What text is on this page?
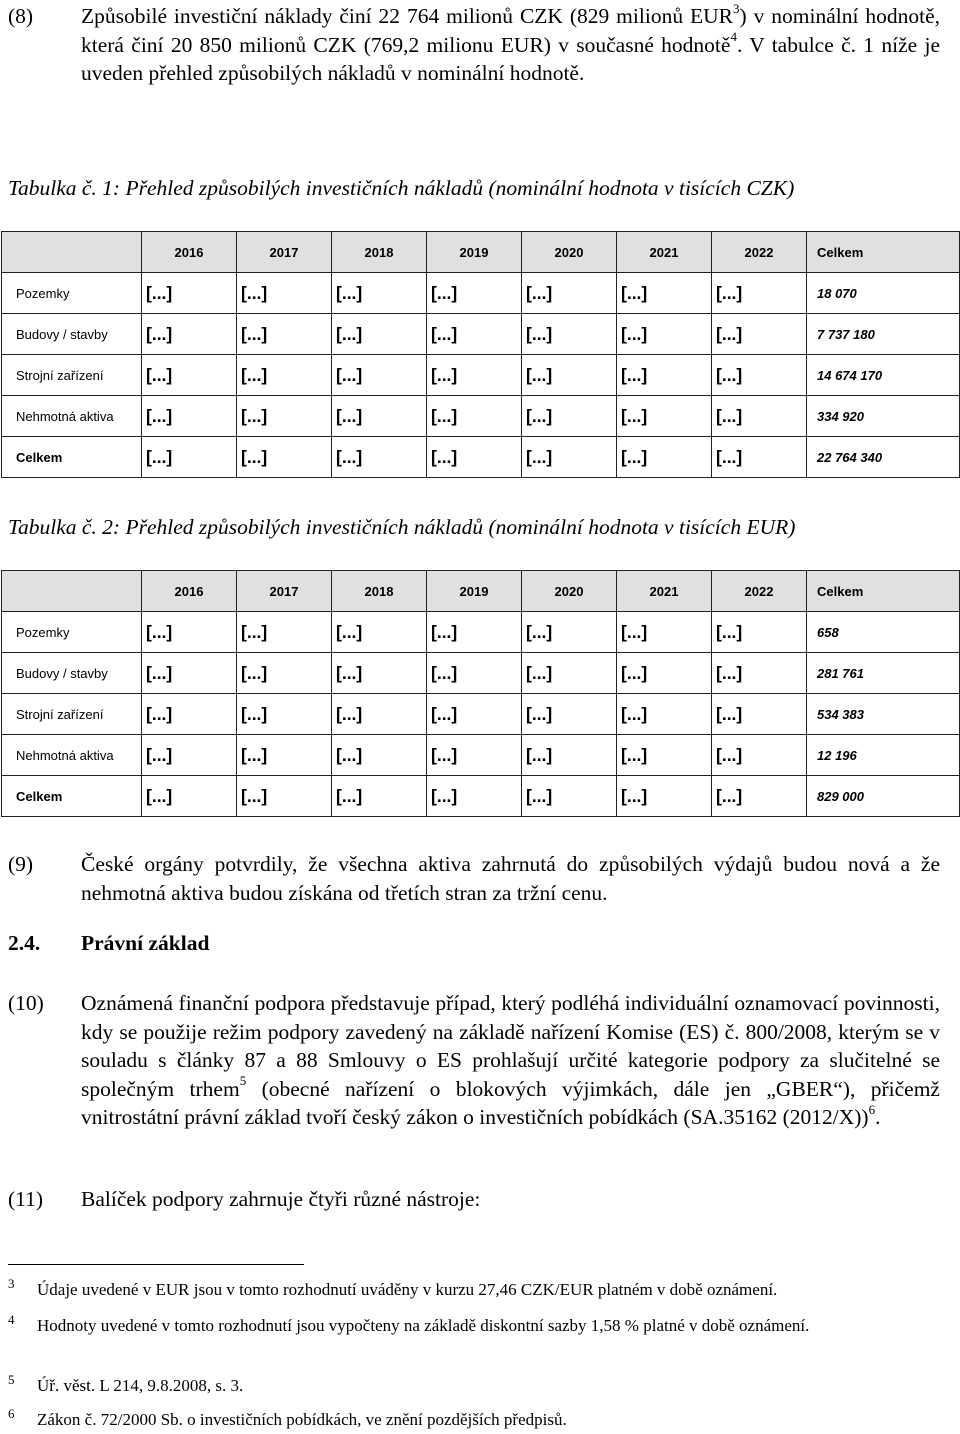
(8) Způsobilé investiční náklady činí 22 764 milionů CZK (829 milionů EUR$^3$) v nominální hodnotě, která činí 20 850 milionů CZK (769,2 milionu EUR) v současné hodnotě$^4$. V tabulce č. 1 níže je uveden přehled způsobilých nákladů v nominální hodnotě.
Tabulka č. 1: Přehled způsobilých investičních nákladů (nominální hodnota v tisících CZK)
	2016	2017	2018	2019	2020	2021	2022	Celkem
Pozemky	[...]	[...]	[...]	[...]	[...]	[...]	[...]	18 070
Budovy / stavby	[...]	[...]	[...]	[...]	[...]	[...]	[...]	7 737 180
Strojní zařízení	[...]	[...]	[...]	[...]	[...]	[...]	[...]	14 674 170
Nehmotná aktiva	[...]	[...]	[...]	[...]	[...]	[...]	[...]	334 920
Celkem	[...]	[...]	[...]	[...]	[...]	[...]	[...]	22 764 340
Tabulka č. 2: Přehled způsobilých investičních nákladů (nominální hodnota v tisících EUR)
	2016	2017	2018	2019	2020	2021	2022	Celkem
Pozemky	[...]	[...]	[...]	[...]	[...]	[...]	[...]	658
Budovy / stavby	[...]	[...]	[...]	[...]	[...]	[...]	[...]	281 761
Strojní zařízení	[...]	[...]	[...]	[...]	[...]	[...]	[...]	534 383
Nehmotná aktiva	[...]	[...]	[...]	[...]	[...]	[...]	[...]	12 196
Celkem	[...]	[...]	[...]	[...]	[...]	[...]	[...]	829 000
(9) České orgány potvrdily, že všechna aktiva zahrnutá do způsobilých výdajů budou nová a že nehmotná aktiva budou získána od třetích stran za tržní cenu.
2.4. Právní základ
(10) Oznámená finanční podpora představuje případ, který podléhá individuální oznamovací povinnosti, kdy se použije režim podpory zavedený na základě nařízení Komise (ES) č. 800/2008, kterým se v souladu s články 87 a 88 Smlouvy o ES prohlašují určité kategorie podpory za slučitelné se společným trhem$^5$ (obecné nařízení o blokových výjimkách, dále jen „GBER“), přičemž vnitrostátní právní základ tvoří český zákon o investičních pobídkách (SA.35162 (2012/X))$^6$.
(11) Balíček podpory zahrnuje čtyři různé nástroje:
3 Údaje uvedené v EUR jsou v tomto rozhodnutí uváděny v kurzu 27,46 CZK/EUR platném v době oznámení.
4 Hodnoty uvedené v tomto rozhodnutí jsou vypočteny na základě diskontní sazby 1,58 % platné v době oznámení.
5 Úř. věst. L 214, 9.8.2008, s. 3.
6 Zákon č. 72/2000 Sb. o investičních pobídkách, ve znění pozdějších předpisů.
